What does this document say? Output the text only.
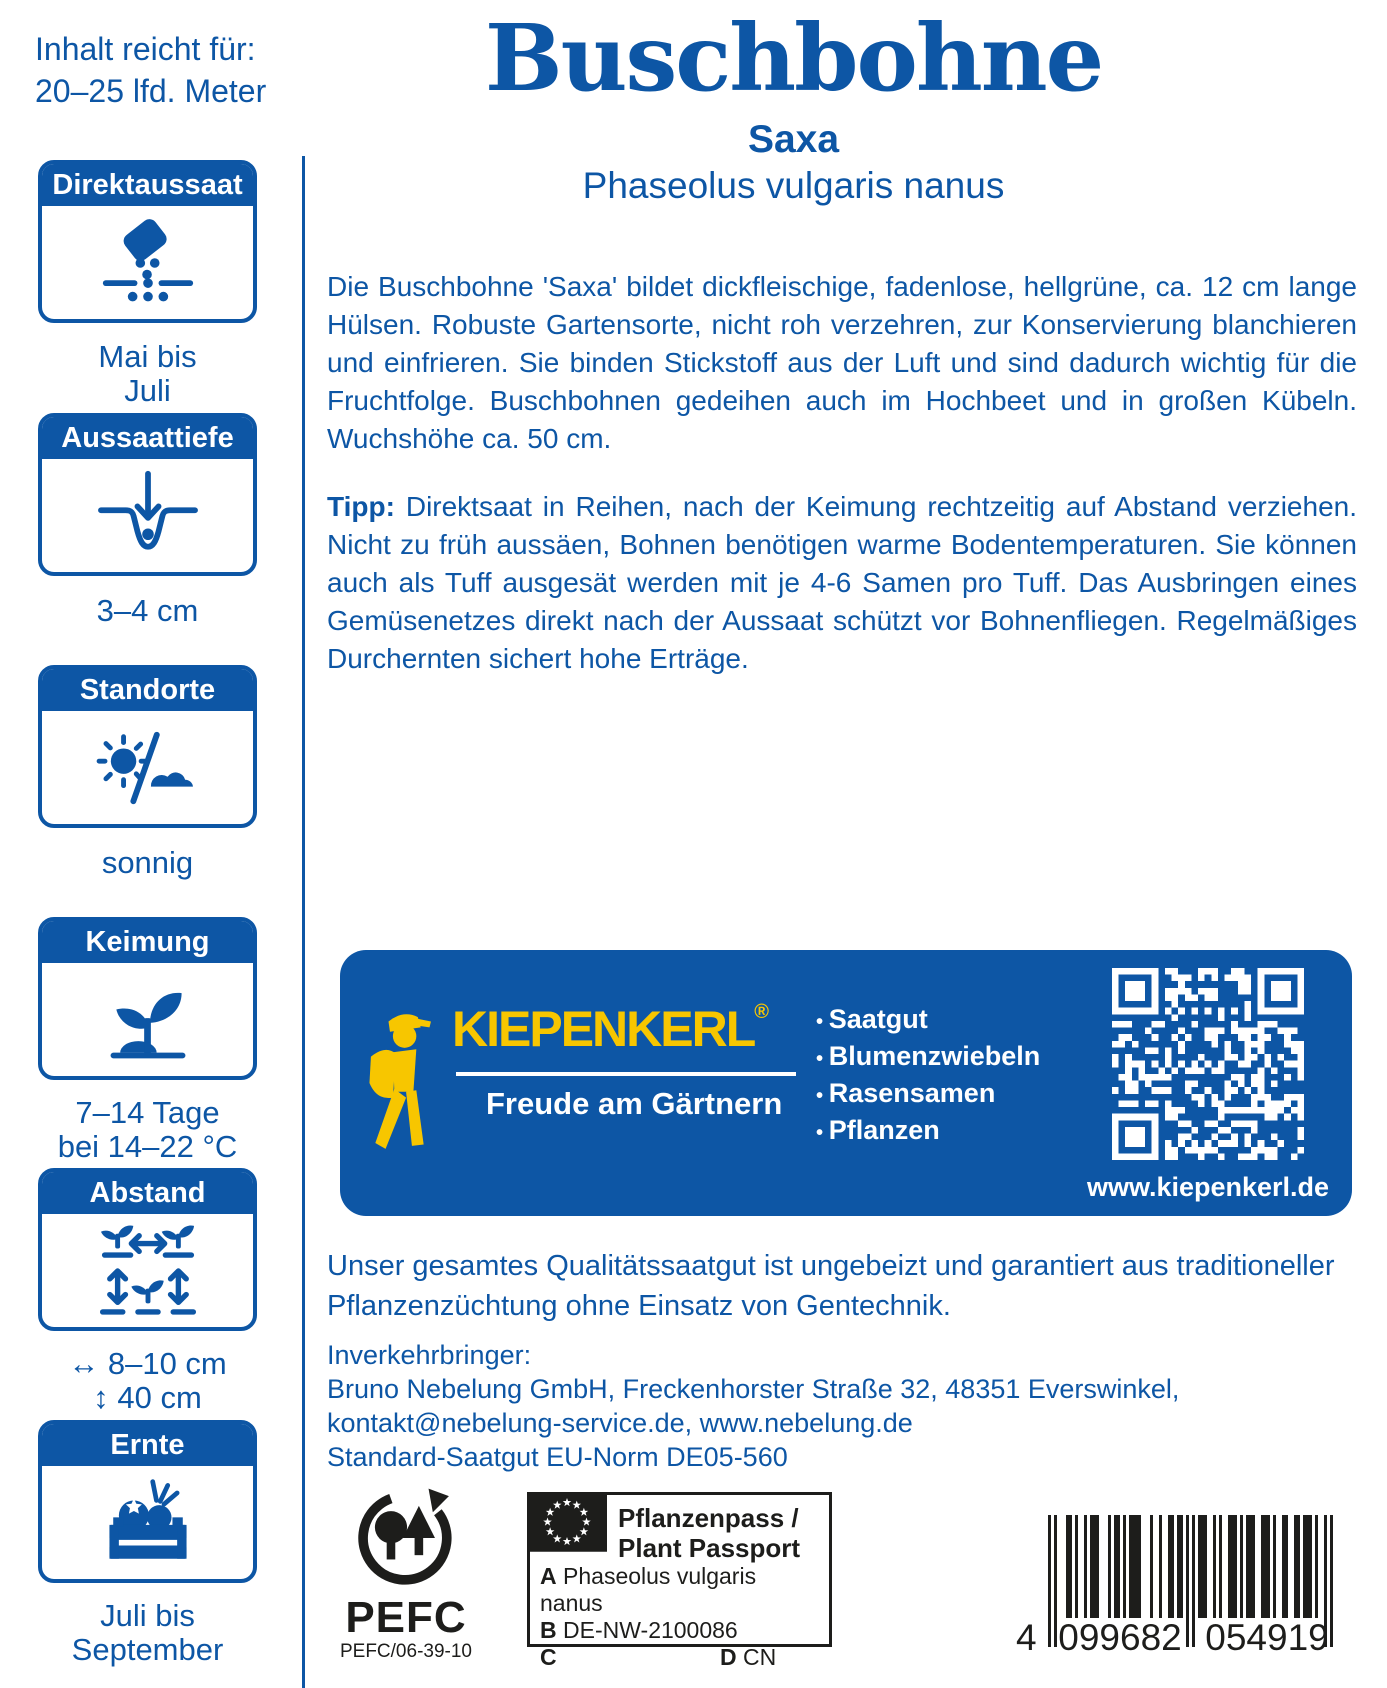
Inhalt reicht für:
20–25 lfd. Meter	Buschbohne
Saxa
Phaseolus vulgaris nanus
Direktaussaat
Mai bis
Juli
Aussaattiefe
3–4 cm
Standorte
sonnig
Keimung
7–14 Tage
bei 14–22 °C
Abstand
↔ 8–10 cm
↕ 40 cm
Ernte
Juli bis
September

Die Buschbohne 'Saxa' bildet dickfleischige, fadenlose, hellgrüne, ca. 12 cm lange Hülsen. Robuste Gartensorte, nicht roh verzehren, zur Konservierung blanchieren und einfrieren. Sie binden Stickstoff aus der Luft und sind dadurch wichtig für die Fruchtfolge. Buschbohnen gedeihen auch im Hochbeet und in großen Kübeln. Wuchshöhe ca. 50 cm.

Tipp: Direktsaat in Reihen, nach der Keimung rechtzeitig auf Abstand verziehen. Nicht zu früh aussäen, Bohnen benötigen warme Bodentemperaturen. Sie können auch als Tuff ausgesät werden mit je 4-6 Samen pro Tuff. Das Ausbringen eines Gemüsenetzes direkt nach der Aussaat schützt vor Bohnenfliegen. Regelmäßiges Durchernten sichert hohe Erträge.

KIEPENKERL®
Freude am Gärtnern
• Saatgut
• Blumenzwiebeln
• Rasensamen
• Pflanzen
www.kiepenkerl.de
Unser gesamtes Qualitätssaatgut ist ungebeizt und garantiert aus traditioneller Pflanzenzüchtung ohne Einsatz von Gentechnik.
Inverkehrbringer:
Bruno Nebelung GmbH, Freckenhorster Straße 32, 48351 Everswinkel,
kontakt@nebelung-service.de, www.nebelung.de
Standard-Saatgut EU-Norm DE05-560
PEFC
PEFC/06-39-10
Pflanzenpass /
Plant Passport
A Phaseolus vulgaris nanus
B DE-NW-2100086
C	D CN	4 099682 054919
